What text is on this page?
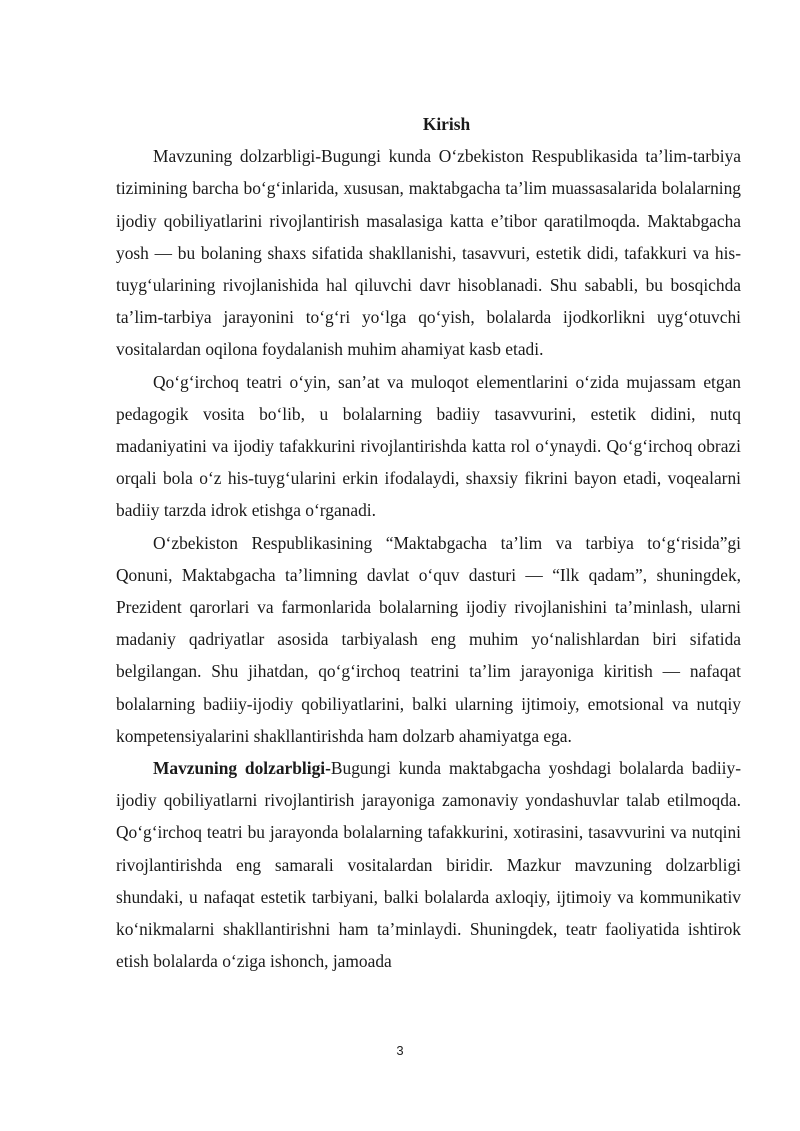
Kirish

Mavzuning dolzarbligi-Bugungi kunda O‘zbekiston Respublikasida ta’lim-tarbiya tizimining barcha bo‘g‘inlarida, xususan, maktabgacha ta’lim muassasalarida bolalarning ijodiy qobiliyatlarini rivojlantirish masalasiga katta e’tibor qaratilmoqda. Maktabgacha yosh — bu bolaning shaxs sifatida shakllanishi, tasavvuri, estetik didi, tafakkuri va his-tuyg‘ularining rivojlanishida hal qiluvchi davr hisoblanadi. Shu sababli, bu bosqichda ta’lim-tarbiya jarayonini to‘g‘ri yo‘lga qo‘yish, bolalarda ijodkorlikni uyg‘otuvchi vositalardan oqilona foydalanish muhim ahamiyat kasb etadi.

Qo‘g‘irchoq teatri o‘yin, san’at va muloqot elementlarini o‘zida mujassam etgan pedagogik vosita bo‘lib, u bolalarning badiiy tasavvurini, estetik didini, nutq madaniyatini va ijodiy tafakkurini rivojlantirishda katta rol o‘ynaydi. Qo‘g‘irchoq obrazi orqali bola o‘z his-tuyg‘ularini erkin ifodalaydi, shaxsiy fikrini bayon etadi, voqealarni badiiy tarzda idrok etishga o‘rganadi.

O‘zbekiston Respublikasining “Maktabgacha ta’lim va tarbiya to‘g‘risida”gi Qonuni, Maktabgacha ta’limning davlat o‘quv dasturi — “Ilk qadam”, shuningdek, Prezident qarorlari va farmonlarida bolalarning ijodiy rivojlanishini ta’minlash, ularni madaniy qadriyatlar asosida tarbiyalash eng muhim yo‘nalishlardan biri sifatida belgilangan. Shu jihatdan, qo‘g‘irchoq teatrini ta’lim jarayoniga kiritish — nafaqat bolalarning badiiy-ijodiy qobiliyatlarini, balki ularning ijtimoiy, emotsional va nutqiy kompetensiyalarini shakllantirishda ham dolzarb ahamiyatga ega.

Mavzuning dolzarbligi-Bugungi kunda maktabgacha yoshdagi bolalarda badiiy-ijodiy qobiliyatlarni rivojlantirish jarayoniga zamonaviy yondashuvlar talab etilmoqda. Qo‘g‘irchoq teatri bu jarayonda bolalarning tafakkurini, xotirasini, tasavvurini va nutqini rivojlantirishda eng samarali vositalardan biridir. Mazkur mavzuning dolzarbligi shundaki, u nafaqat estetik tarbiyani, balki bolalarda axloqiy, ijtimoiy va kommunikativ ko‘nikmalarni shakllantirishni ham ta’minlaydi. Shuningdek, teatr faoliyatida ishtirok etish bolalarda o‘ziga ishonch, jamoada

3
